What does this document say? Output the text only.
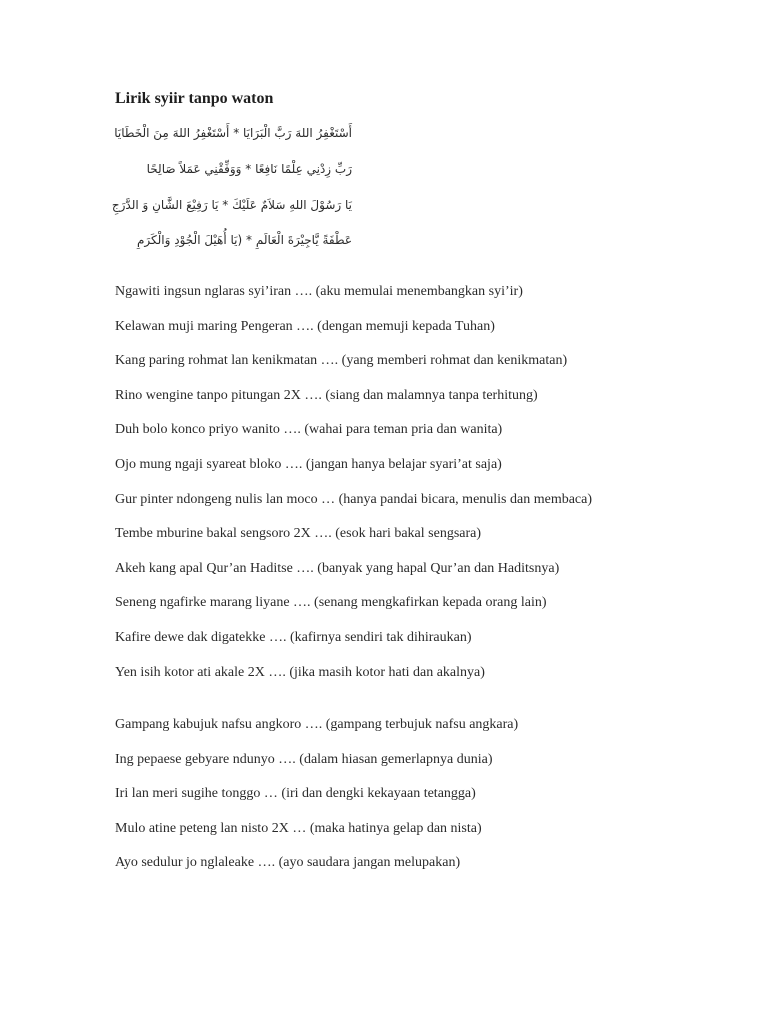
Lirik syiir tanpo waton
أَسْتَغْفِرُ اللهَ رَبَّ الْبَرَايَا * أَسْتَغْفِرُ اللهَ مِنَ الْخَطَايَا
رَبِّ زِدْنِي عِلْمًا نَافِعًا * وَوَفِّقْنِي عَمَلاً صَالِحًا
يَا رَسُوْلَ اللهِ سَلاَمٌ عَلَيْكَ * يَا رَفِيْعَ الشَّانِ وَ الدَّرَجِ
عَطْفَةً يَّاجِيْرَةَ الْعَالَمِ * (يَا أُهَيْلَ الْجُوْدِ وَالْكَرَمِ
Ngawiti ingsun nglaras syi’iran …. (aku memulai menembangkan syi’ir)
Kelawan muji maring Pengeran …. (dengan memuji kepada Tuhan)
Kang paring rohmat lan kenikmatan …. (yang memberi rohmat dan kenikmatan)
Rino wengine tanpo pitungan 2X …. (siang dan malamnya tanpa terhitung)
Duh bolo konco priyo wanito …. (wahai para teman pria dan wanita)
Ojo mung ngaji syareat bloko …. (jangan hanya belajar syari’at saja)
Gur pinter ndongeng nulis lan moco … (hanya pandai bicara, menulis dan membaca)
Tembe mburine bakal sengsoro 2X …. (esok hari bakal sengsara)
Akeh kang apal Qur’an Haditse …. (banyak yang hapal Qur’an dan Haditsnya)
Seneng ngafirke marang liyane …. (senang mengkafirkan kepada orang lain)
Kafire dewe dak digatekke …. (kafirnya sendiri tak dihiraukan)
Yen isih kotor ati akale 2X …. (jika masih kotor hati dan akalnya)
Gampang kabujuk nafsu angkoro …. (gampang terbujuk nafsu angkara)
Ing pepaese gebyare ndunyo …. (dalam hiasan gemerlapnya dunia)
Iri lan meri sugihe tonggo … (iri dan dengki kekayaan tetangga)
Mulo atine peteng lan nisto 2X … (maka hatinya gelap dan nista)
Ayo sedulur jo nglaleake …. (ayo saudara jangan melupakan)
